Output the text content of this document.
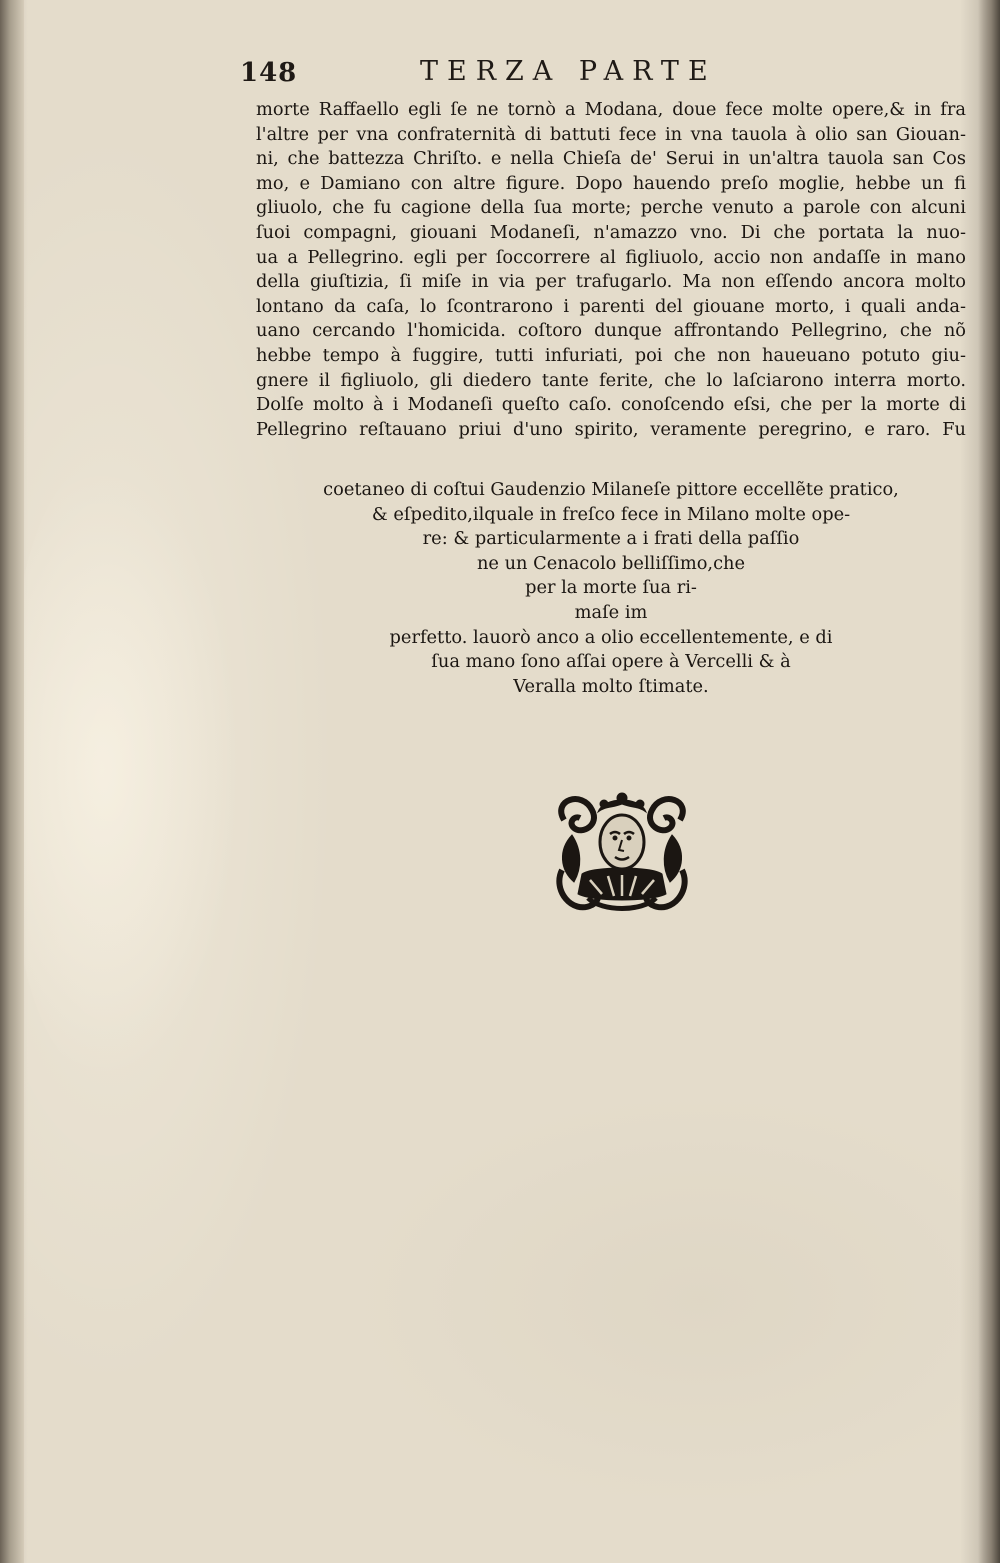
148	TERZA PARTE
morte Raffaello egli ſe ne tornò a Modana, doue fece molte opere,& in fra
l'altre per vna confraternità di battuti fece in vna tauola à olio san Giouan-
ni, che battezza Chriſto. e nella Chieſa de' Serui in un'altra tauola san Cos
mo, e Damiano con altre figure. Dopo hauendo preſo moglie, hebbe un fi
gliuolo, che fu cagione della ſua morte; perche venuto a parole con alcuni
ſuoi compagni, giouani Modaneſi, n'amazzo vno. Di che portata la nuo-
ua a Pellegrino. egli per ſoccorrere al figliuolo, accio non andaſſe in mano
della giuſtizia, ſi miſe in via per trafugarlo. Ma non eſſendo ancora molto
lontano da caſa, lo ſcontrarono i parenti del giouane morto, i quali anda-
uano cercando l'homicida. coſtoro dunque affrontando Pellegrino, che nõ
hebbe tempo à fuggire, tutti infuriati, poi che non haueuano potuto giu-
gnere il figliuolo, gli diedero tante ferite, che lo laſciarono interra morto.
Dolſe molto à i Modaneſi queſto caſo. conoſcendo eſsi, che per la morte di
Pellegrino reſtauano priui d'uno spirito, veramente peregrino, e raro. Fu
coetaneo di coſtui Gaudenzio Milaneſe pittore eccellẽte pratico,
& eſpedito,ilquale in freſco fece in Milano molte ope-
re: & particularmente a i frati della paſſio
ne un Cenacolo belliſſimo,che
per la morte ſua ri-
maſe im
perfetto. lauorò anco a olio eccellentemente, e di
ſua mano ſono aſſai opere à Vercelli & à
Veralla molto ſtimate.
